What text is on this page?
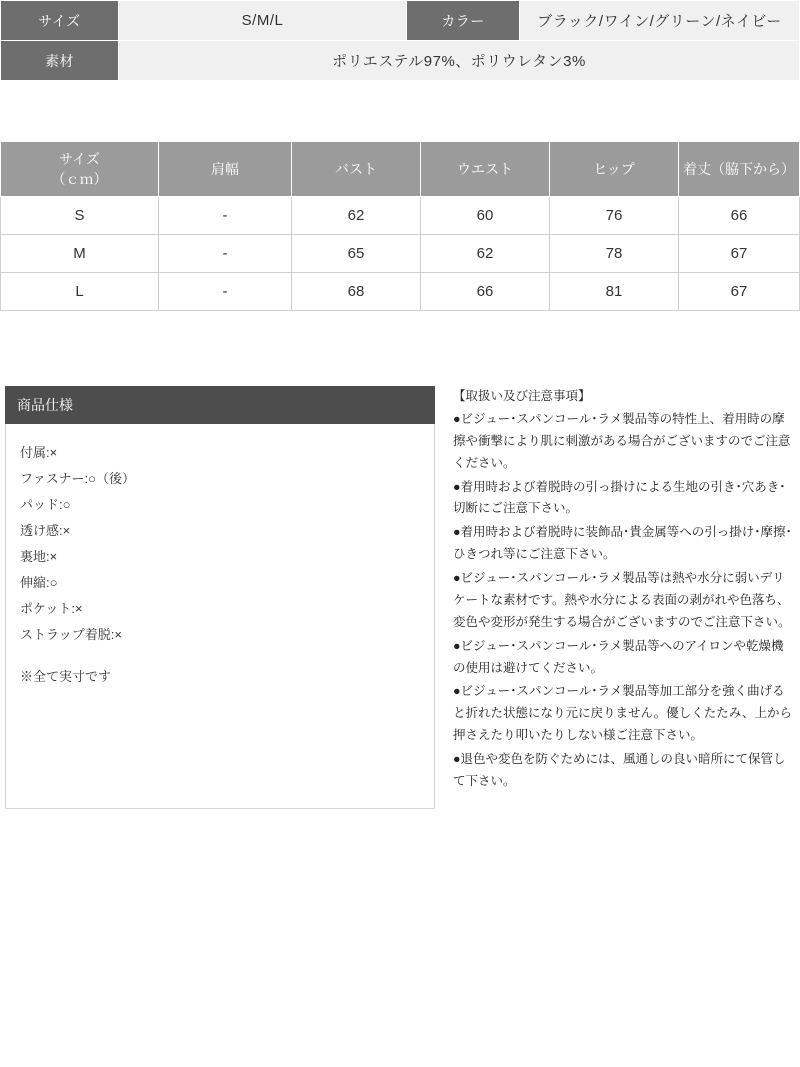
サイズ	S/M/L	カラー	ブラック/ワイン/グリーン/ネイビー
素材	ポリエステル97%、ポリウレタン3%		
サイズ
（ｃｍ）	肩幅	バスト	ウエスト	ヒップ	着丈（脇下から）
S	-	62	60	76	66
M	-	65	62	78	67
L	-	68	66	81	67
商品仕様
付属:×
ファスナー:○（後）
パッド:○
透け感:×
裏地:×
伸縮:○
ポケット:×
ストラップ着脱:×
※全て実寸です

【取扱い及び注意事項】

●ビジュー･スパンコール･ラメ製品等の特性上、着用時の摩擦や衝撃により肌に刺激がある場合がございますのでご注意ください。

●着用時および着脱時の引っ掛けによる生地の引き･穴あき･切断にご注意下さい。

●着用時および着脱時に装飾品･貴金属等への引っ掛け･摩擦･ひきつれ等にご注意下さい。

●ビジュー･スパンコール･ラメ製品等は熱や水分に弱いデリケートな素材です。熱や水分による表面の剥がれや色落ち、変色や変形が発生する場合がございますのでご注意下さい。

●ビジュー･スパンコール･ラメ製品等へのアイロンや乾燥機の使用は避けてください。

●ビジュー･スパンコール･ラメ製品等加工部分を強く曲げると折れた状態になり元に戻りません。優しくたたみ、上から押さえたり叩いたりしない様ご注意下さい。

●退色や変色を防ぐためには、風通しの良い暗所にて保管して下さい。
